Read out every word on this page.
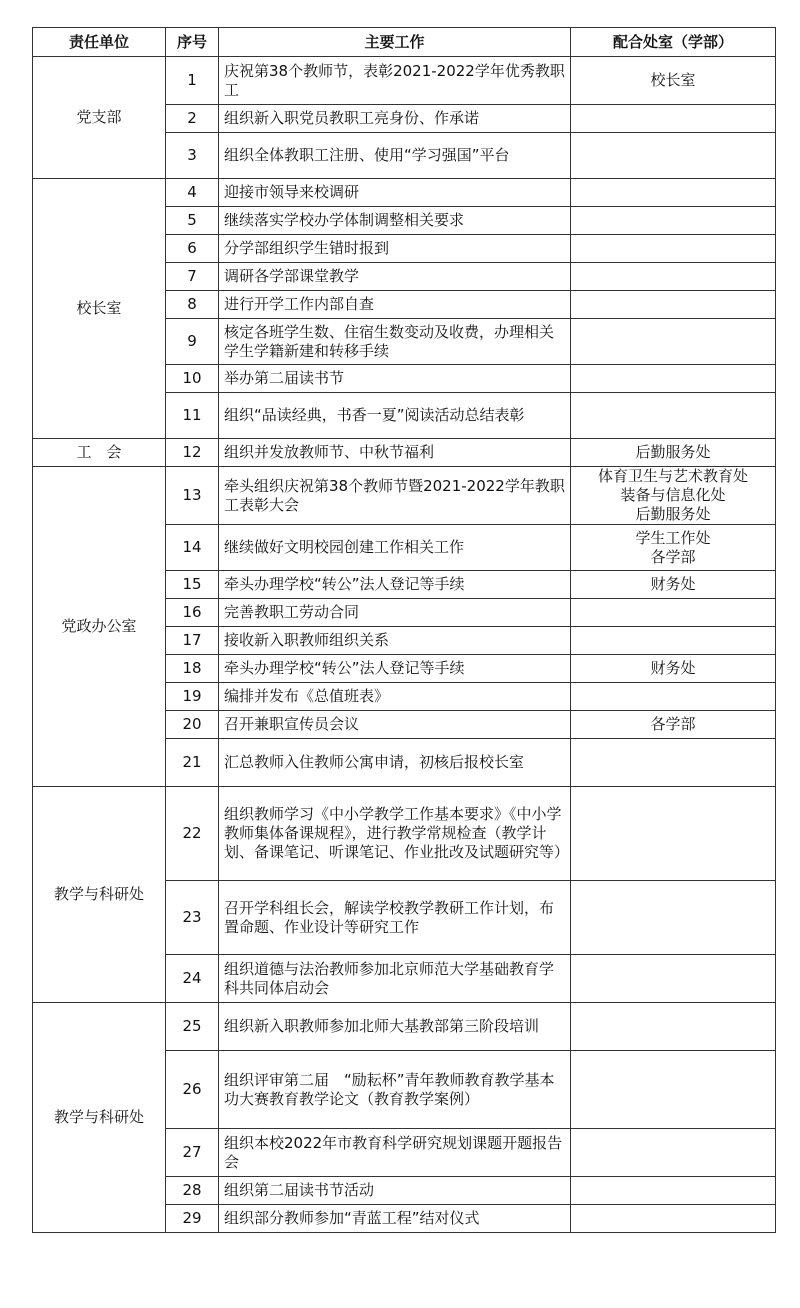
责任单位	序号	主要工作	配合处室（学部）
党支部	1	庆祝第38个教师节，表彰2021-2022学年优秀教职工	校长室
	2	组织新入职党员教职工亮身份、作承诺	
	3	组织全体教职工注册、使用“学习强国”平台	
校长室	4	迎接市领导来校调研	
	5	继续落实学校办学体制调整相关要求	
	6	分学部组织学生错时报到	
	7	调研各学部课堂教学	
	8	进行开学工作内部自查	
	9	核定各班学生数、住宿生数变动及收费，办理相关学生学籍新建和转移手续	
	10	举办第二届读书节	
	11	组织“品读经典，书香一夏”阅读活动总结表彰	
工　会	12	组织并发放教师节、中秋节福利	后勤服务处
党政办公室	13	牵头组织庆祝第38个教师节暨2021-2022学年教职工表彰大会	体育卫生与艺术教育处
装备与信息化处
后勤服务处
	14	继续做好文明校园创建工作相关工作	学生工作处
各学部
	15	牵头办理学校“转公”法人登记等手续	财务处
	16	完善教职工劳动合同	
	17	接收新入职教师组织关系	
	18	牵头办理学校“转公”法人登记等手续	财务处
	19	编排并发布《总值班表》	
	20	召开兼职宣传员会议	各学部
	21	汇总教师入住教师公寓申请，初核后报校长室	
教学与科研处	22	组织教师学习《中小学教学工作基本要求》《中小学教师集体备课规程》，进行教学常规检查（教学计划、备课笔记、听课笔记、作业批改及试题研究等）	
	23	召开学科组长会，解读学校教学教研工作计划，布置命题、作业设计等研究工作	
	24	组织道德与法治教师参加北京师范大学基础教育学科共同体启动会	
教学与科研处	25	组织新入职教师参加北师大基教部第三阶段培训	
	26	组织评审第二届　“励耘杯”青年教师教育教学基本功大赛教育教学论文（教育教学案例）	
	27	组织本校2022年市教育科学研究规划课题开题报告会	
	28	组织第二届读书节活动	
	29	组织部分教师参加“青蓝工程”结对仪式	
